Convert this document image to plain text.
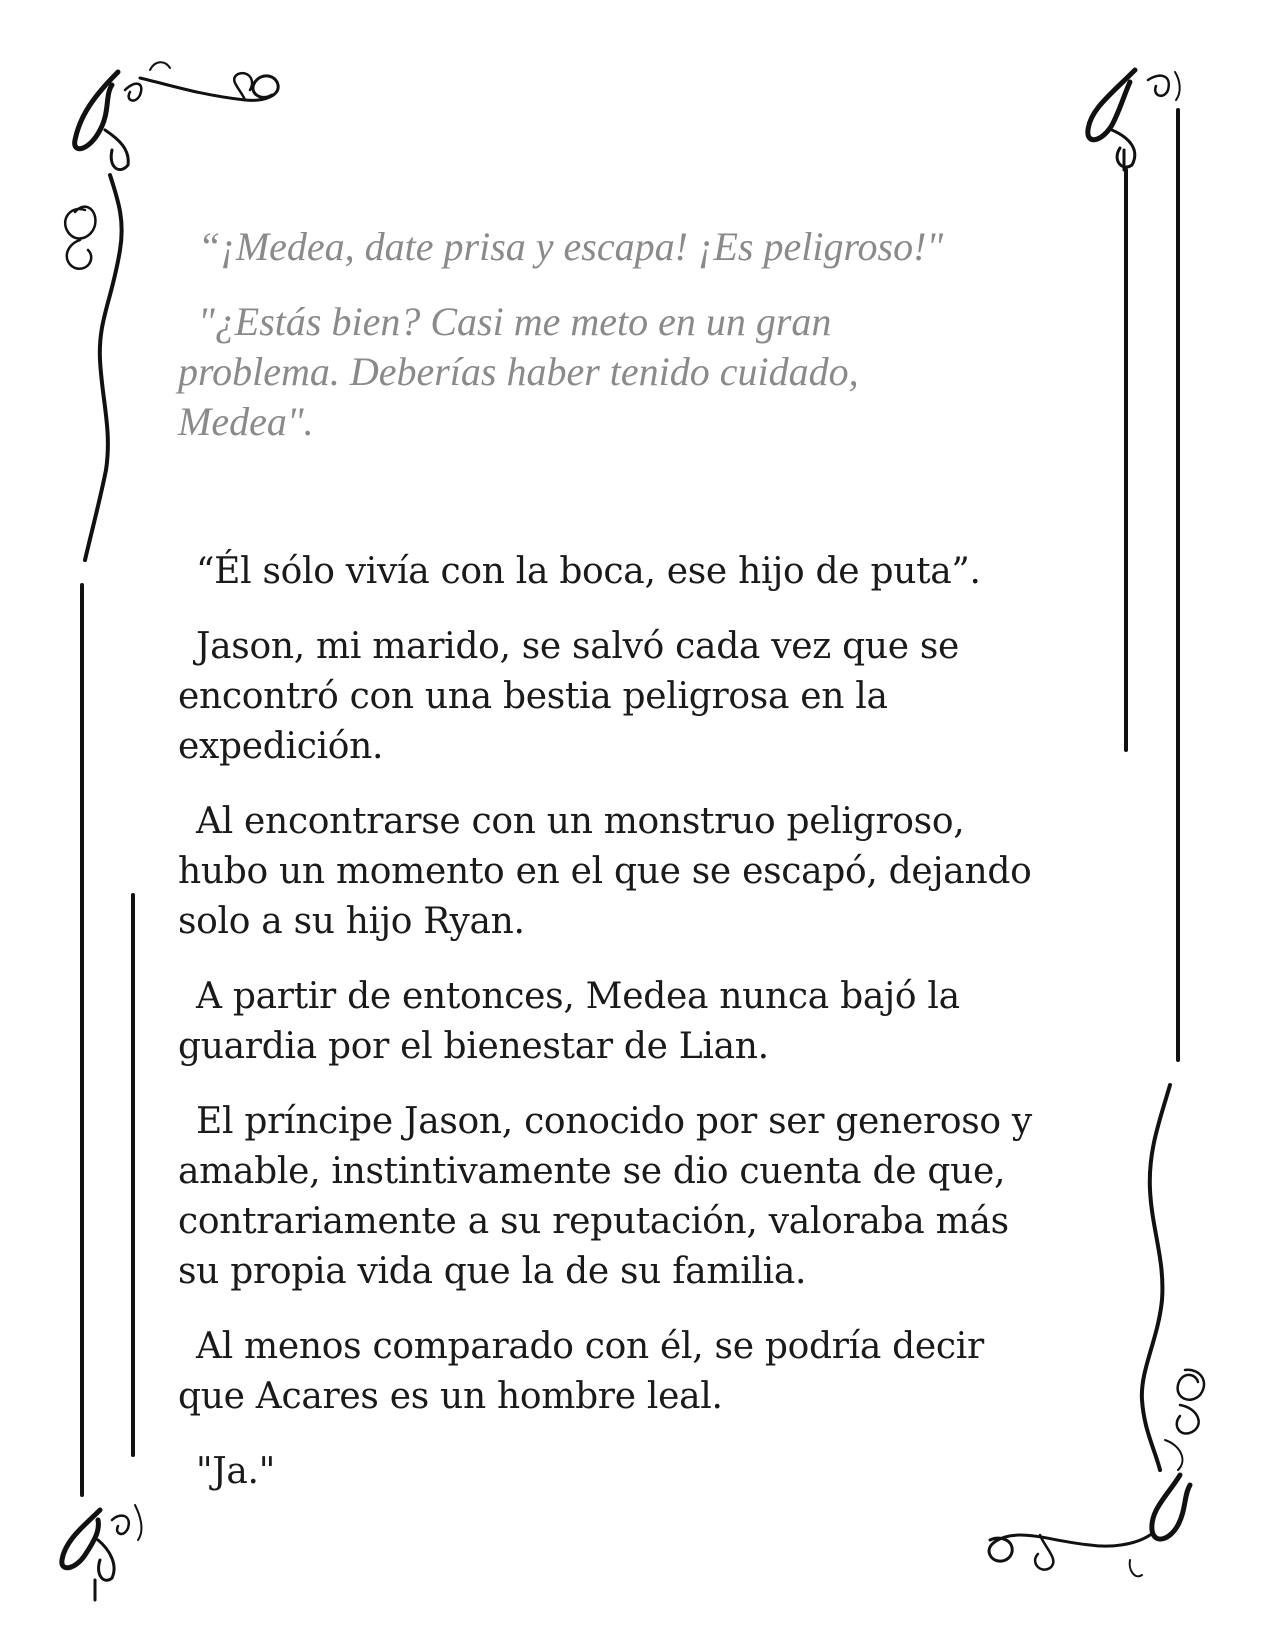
“¡Medea, date prisa y escapa! ¡Es peligroso!"

"¿Estás bien? Casi me meto en un gran
problema. Deberías haber tenido cuidado,
Medea".

“Él sólo vivía con la boca, ese hijo de puta”.

Jason, mi marido, se salvó cada vez que se
encontró con una bestia peligrosa en la
expedición.

Al encontrarse con un monstruo peligroso,
hubo un momento en el que se escapó, dejando
solo a su hijo Ryan.

A partir de entonces, Medea nunca bajó la
guardia por el bienestar de Lian.

El príncipe Jason, conocido por ser generoso y
amable, instintivamente se dio cuenta de que,
contrariamente a su reputación, valoraba más
su propia vida que la de su familia.

Al menos comparado con él, se podría decir
que Acares es un hombre leal.

"Ja."
